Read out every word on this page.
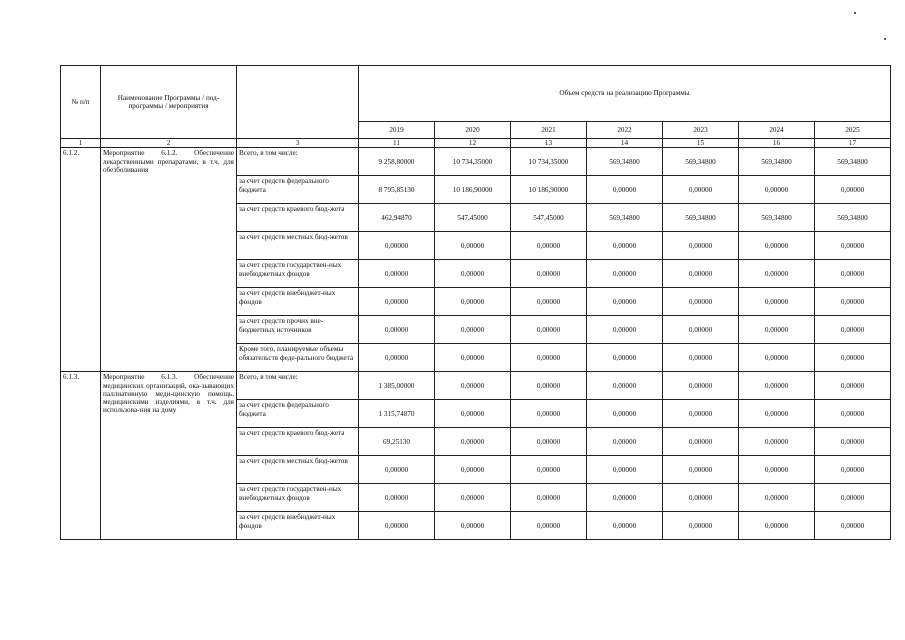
№ п/п	Наименование Программы / под-программы / мероприятия		Объем средств на реализацию Программы						
			2019	2020	2021	2022	2023	2024	2025
1	2	3	11	12	13	14	15	16	17
6.1.2.	Мероприятие 6.1.2. Обеспечение лекарственными препаратами, в т.ч. для обезболивания	Всего, в том числе:	9 258,80000	10 734,35000	10 734,35000	569,34800	569,34800	569,34800	569,34800
		за счет средств федерального бюджета	8 795,85130	10 186,90000	10 186,90000	0,00000	0,00000	0,00000	0,00000
		за счет средств краевого бюд-жета	462,94870	547,45000	547,45000	569,34800	569,34800	569,34800	569,34800
		за счет средств местных бюд-жетов	0,00000	0,00000	0,00000	0,00000	0,00000	0,00000	0,00000
		за счет средств государствен-ных внебюджетных фондов	0,00000	0,00000	0,00000	0,00000	0,00000	0,00000	0,00000
		за счет средств внебюджет-ных фондов	0,00000	0,00000	0,00000	0,00000	0,00000	0,00000	0,00000
		за счет средств прочих вне-бюджетных источников	0,00000	0,00000	0,00000	0,00000	0,00000	0,00000	0,00000
		Кроме того, планируемые объемы обязательств феде-рального бюджета	0,00000	0,00000	0,00000	0,00000	0,00000	0,00000	0,00000
6.1.3.	Мероприятие 6.1.3. Обеспечение медицинских организаций, ока-зывающих паллиативную меди-цинскую помощь, медицинскими изделиями, в т.ч. для использова-ния на дому	Всего, в том числе:	1 385,00000	0,00000	0,00000	0,00000	0,00000	0,00000	0,00000
		за счет средств федерального бюджета	1 315,74870	0,00000	0,00000	0,00000	0,00000	0,00000	0,00000
		за счет средств краевого бюд-жета	69,25130	0,00000	0,00000	0,00000	0,00000	0,00000	0,00000
		за счет средств местных бюд-жетов	0,00000	0,00000	0,00000	0,00000	0,00000	0,00000	0,00000
		за счет средств государствен-ных внебюджетных фондов	0,00000	0,00000	0,00000	0,00000	0,00000	0,00000	0,00000
		за счет средств внебюджет-ных фондов	0,00000	0,00000	0,00000	0,00000	0,00000	0,00000	0,00000
